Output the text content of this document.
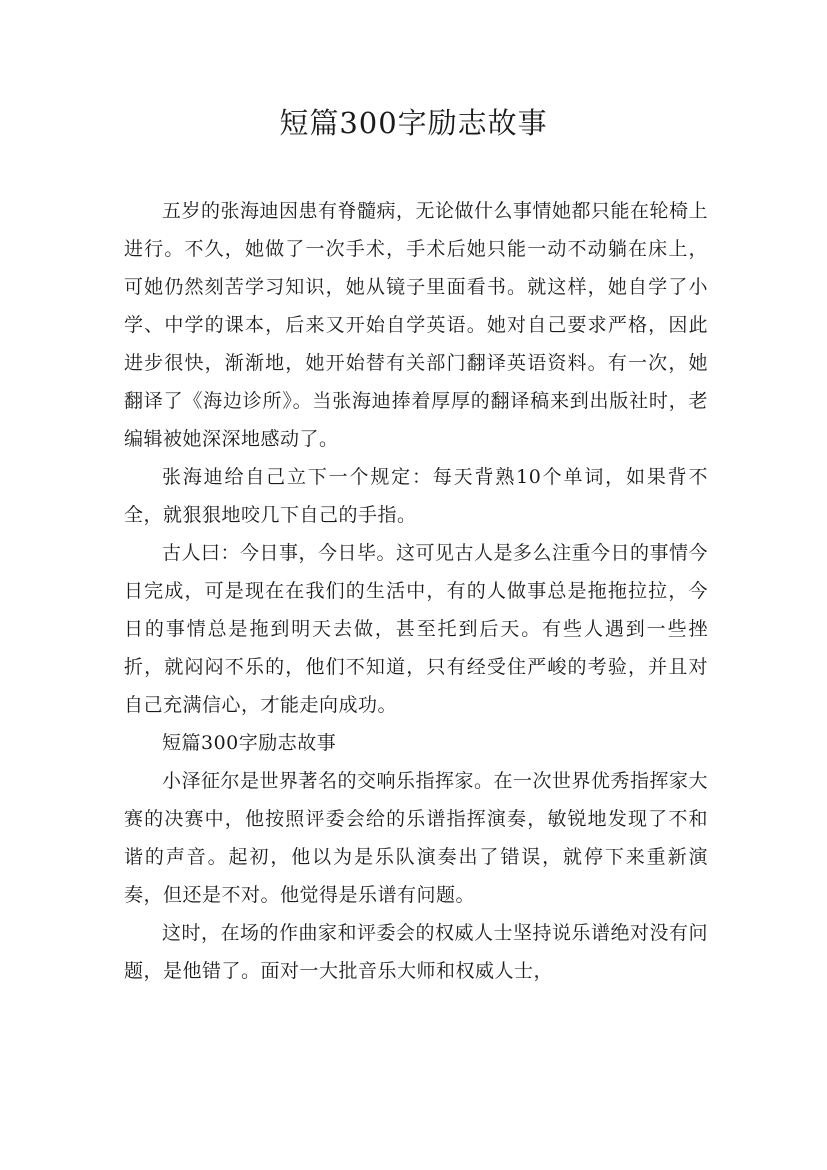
短篇300字励志故事

五岁的张海迪因患有脊髓病，无论做什么事情她都只能在轮椅上进行。不久，她做了一次手术，手术后她只能一动不动躺在床上，可她仍然刻苦学习知识，她从镜子里面看书。就这样，她自学了小学、中学的课本，后来又开始自学英语。她对自己要求严格，因此进步很快，渐渐地，她开始替有关部门翻译英语资料。有一次，她翻译了《海边诊所》。当张海迪捧着厚厚的翻译稿来到出版社时，老编辑被她深深地感动了。

张海迪给自己立下一个规定：每天背熟10个单词，如果背不全，就狠狠地咬几下自己的手指。

古人曰：今日事，今日毕。这可见古人是多么注重今日的事情今日完成，可是现在在我们的生活中，有的人做事总是拖拖拉拉，今日的事情总是拖到明天去做，甚至托到后天。有些人遇到一些挫折，就闷闷不乐的，他们不知道，只有经受住严峻的考验，并且对自己充满信心，才能走向成功。

短篇300字励志故事

小泽征尔是世界著名的交响乐指挥家。在一次世界优秀指挥家大赛的决赛中，他按照评委会给的乐谱指挥演奏，敏锐地发现了不和谐的声音。起初，他以为是乐队演奏出了错误，就停下来重新演奏，但还是不对。他觉得是乐谱有问题。

这时，在场的作曲家和评委会的权威人士坚持说乐谱绝对没有问题，是他错了。面对一大批音乐大师和权威人士，
